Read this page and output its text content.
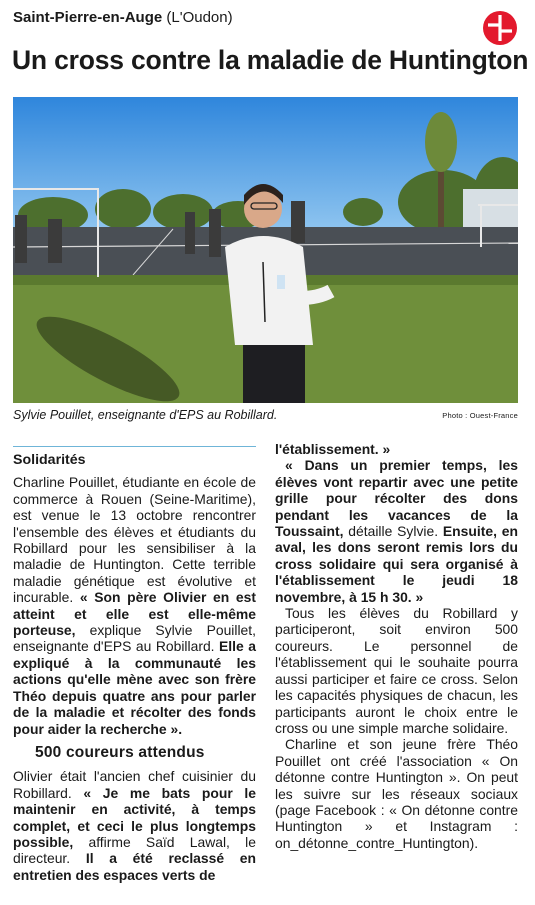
Saint-Pierre-en-Auge (L'Oudon)
Un cross contre la maladie de Huntington
Sylvie Pouillet, enseignante d'EPS au Robillard.	Photo : Ouest-France

Solidarités

Charline Pouillet, étudiante en école de commerce à Rouen (Seine-Maritime), est venue le 13 octobre rencontrer l'ensemble des élèves et étudiants du Robillard pour les sensibiliser à la maladie de Huntington. Cette terrible maladie génétique est évolutive et incurable. « Son père Olivier en est atteint et elle est elle-même porteuse, explique Sylvie Pouillet, enseignante d'EPS au Robillard. Elle a expliqué à la communauté les actions qu'elle mène avec son frère Théo depuis quatre ans pour parler de la maladie et récolter des fonds pour aider la recherche ».

500 coureurs attendus

Olivier était l'ancien chef cuisinier du Robillard. « Je me bats pour le maintenir en activité, à temps complet, et ceci le plus longtemps possible, affirme Saïd Lawal, le directeur. Il a été reclassé en entretien des espaces verts de

l'établissement. »

« Dans un premier temps, les élèves vont repartir avec une petite grille pour récolter des dons pendant les vacances de la Toussaint, détaille Sylvie. Ensuite, en aval, les dons seront remis lors du cross solidaire qui sera organisé à l'établissement le jeudi 18 novembre, à 15 h 30. »

Tous les élèves du Robillard y participeront, soit environ 500 coureurs. Le personnel de l'établissement qui le souhaite pourra aussi participer et faire ce cross. Selon les capacités physiques de chacun, les participants auront le choix entre le cross ou une simple marche solidaire.

Charline et son jeune frère Théo Pouillet ont créé l'association « On détonne contre Huntington ». On peut les suivre sur les réseaux sociaux (page Facebook : « On détonne contre Huntington » et Instagram : on_détonne_contre_Huntington).
